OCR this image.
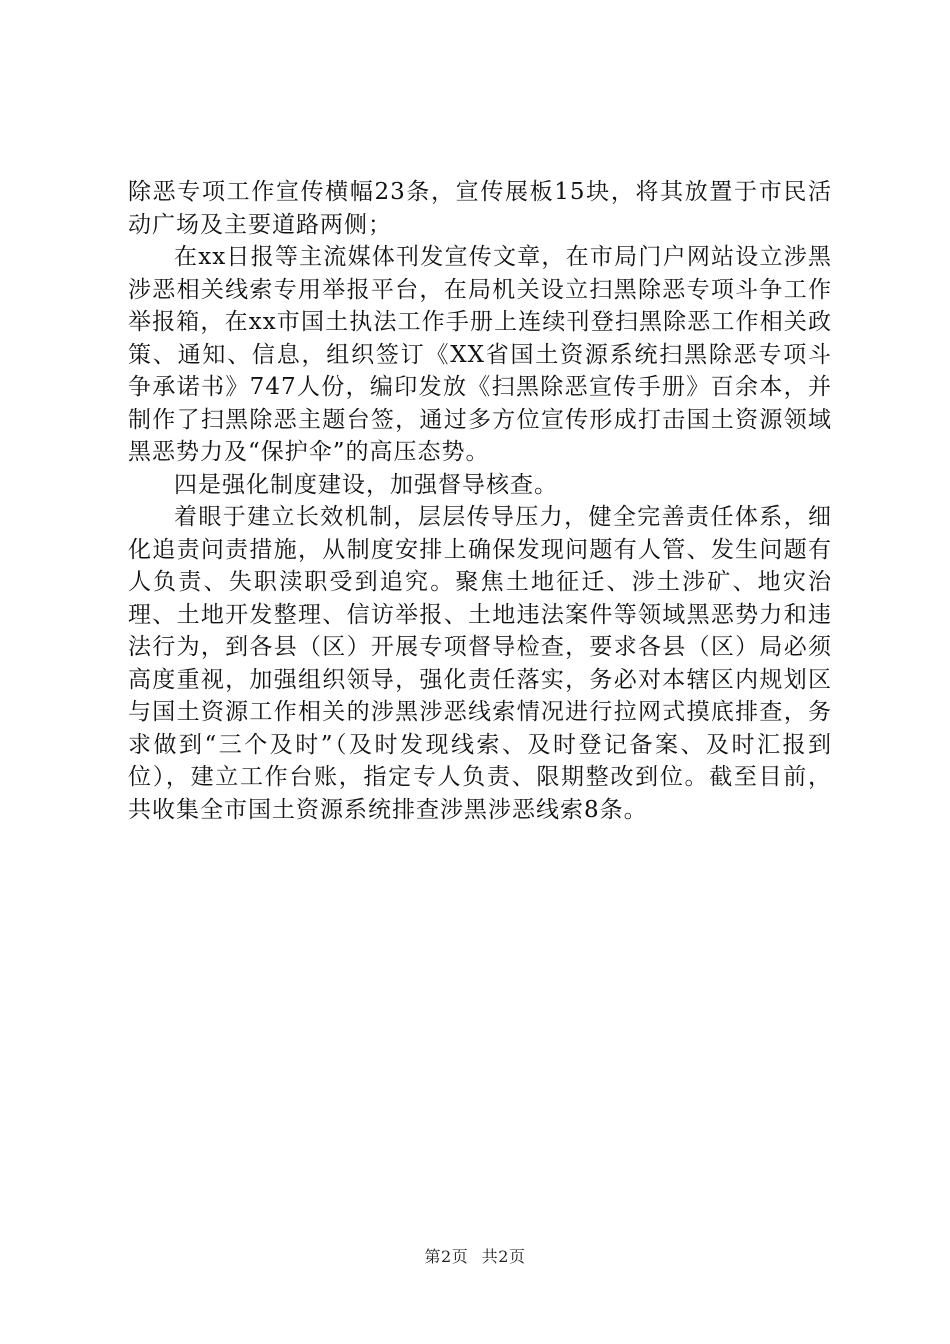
除恶专项工作宣传横幅23条，宣传展板15块，将其放置于市民活动广场及主要道路两侧；

在xx日报等主流媒体刊发宣传文章，在市局门户网站设立涉黑涉恶相关线索专用举报平台，在局机关设立扫黑除恶专项斗争工作举报箱，在xx市国土执法工作手册上连续刊登扫黑除恶工作相关政策、通知、信息，组织签订《XX省国土资源系统扫黑除恶专项斗争承诺书》747人份，编印发放《扫黑除恶宣传手册》百余本，并制作了扫黑除恶主题台签，通过多方位宣传形成打击国土资源领域黑恶势力及“保护伞”的高压态势。

四是强化制度建设，加强督导核查。

着眼于建立长效机制，层层传导压力，健全完善责任体系，细化追责问责措施，从制度安排上确保发现问题有人管、发生问题有人负责、失职渎职受到追究。聚焦土地征迁、涉土涉矿、地灾治理、土地开发整理、信访举报、土地违法案件等领域黑恶势力和违法行为，到各县（区）开展专项督导检查，要求各县（区）局必须高度重视，加强组织领导，强化责任落实，务必对本辖区内规划区与国土资源工作相关的涉黑涉恶线索情况进行拉网式摸底排查，务求做到“三个及时”（及时发现线索、及时登记备案、及时汇报到位），建立工作台账，指定专人负责、限期整改到位。截至目前，共收集全市国土资源系统排查涉黑涉恶线索8条。

第2页 共2页
